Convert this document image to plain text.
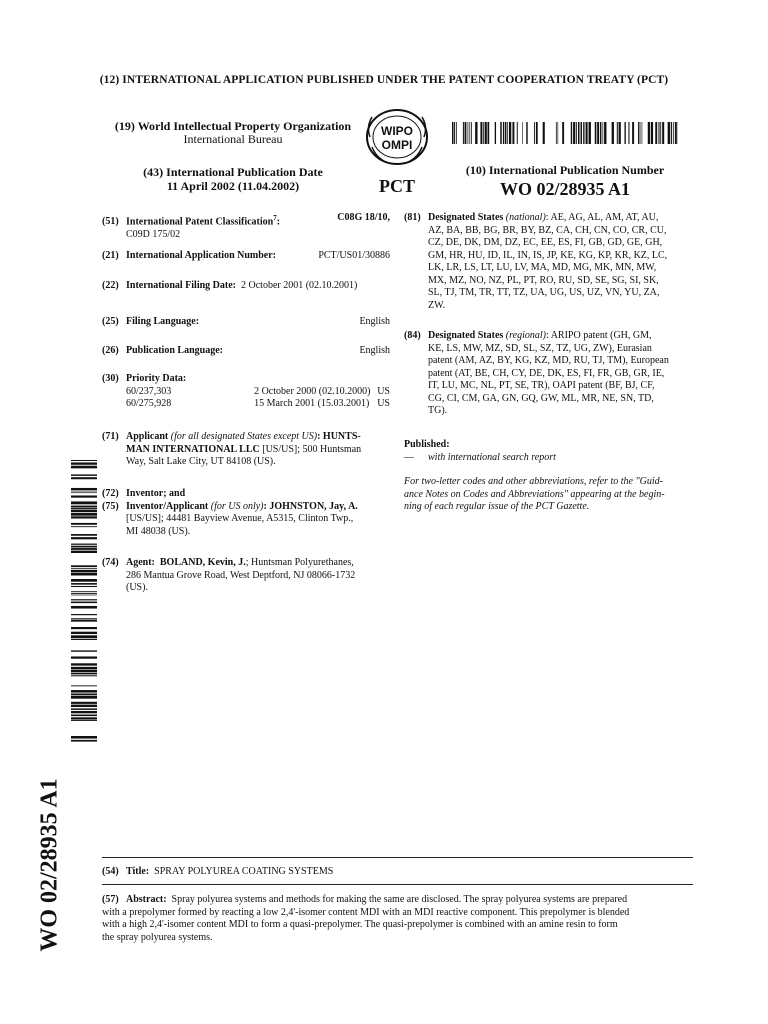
(12) INTERNATIONAL APPLICATION PUBLISHED UNDER THE PATENT COOPERATION TREATY (PCT)
(19) World Intellectual Property Organization
International Bureau
WIPO
OMPI
(43) International Publication Date
11 April 2002 (11.04.2002)	PCT
(10) International Publication Number
WO 02/28935 A1
(51) International Patent Classification$^7$:	C08G 18/10,
C09D 175/02
(21) International Application Number:	PCT/US01/30886
(22) International Filing Date: 2 October 2001 (02.10.2001)
(25) Filing Language:	English
(26) Publication Language:	English
(30) Priority Data:
60/237,303	2 October 2000 (02.10.2000) US
60/275,928	15 March 2001 (15.03.2001) US
(71) Applicant (for all designated States except US): HUNTS-
MAN INTERNATIONAL LLC [US/US]; 500 Huntsman
Way, Salt Lake City, UT 84108 (US).
(72) Inventor; and
(75) Inventor/Applicant (for US only): JOHNSTON, Jay, A.
[US/US]; 44481 Bayview Avenue, A5315, Clinton Twp.,
MI 48038 (US).
(74) Agent: BOLAND, Kevin, J.; Huntsman Polyurethanes,
286 Mantua Grove Road, West Deptford, NJ 08066-1732
(US).
(81) Designated States (national): AE, AG, AL, AM, AT, AU,
AZ, BA, BB, BG, BR, BY, BZ, CA, CH, CN, CO, CR, CU,
CZ, DE, DK, DM, DZ, EC, EE, ES, FI, GB, GD, GE, GH,
GM, HR, HU, ID, IL, IN, IS, JP, KE, KG, KP, KR, KZ, LC,
LK, LR, LS, LT, LU, LV, MA, MD, MG, MK, MN, MW,
MX, MZ, NO, NZ, PL, PT, RO, RU, SD, SE, SG, SI, SK,
SL, TJ, TM, TR, TT, TZ, UA, UG, US, UZ, VN, YU, ZA,
ZW.
(84) Designated States (regional): ARIPO patent (GH, GM,
KE, LS, MW, MZ, SD, SL, SZ, TZ, UG, ZW), Eurasian
patent (AM, AZ, BY, KG, KZ, MD, RU, TJ, TM), European
patent (AT, BE, CH, CY, DE, DK, ES, FI, FR, GB, GR, IE,
IT, LU, MC, NL, PT, SE, TR), OAPI patent (BF, BJ, CF,
CG, CI, CM, GA, GN, GQ, GW, ML, MR, NE, SN, TD,
TG).
Published:
— with international search report
For two-letter codes and other abbreviations, refer to the "Guid-
ance Notes on Codes and Abbreviations" appearing at the begin-
ning of each regular issue of the PCT Gazette.
WO 02/28935 A1	(54) Title: SPRAY POLYUREA COATING SYSTEMS
(57) Abstract: Spray polyurea systems and methods for making the same are disclosed. The spray polyurea systems are prepared
with a prepolymer formed by reacting a low 2,4'-isomer content MDI with an MDI reactive component. This prepolymer is blended
with a high 2,4'-isomer content MDI to form a quasi-prepolymer. The quasi-prepolymer is combined with an amine resin to form
the spray polyurea systems.
